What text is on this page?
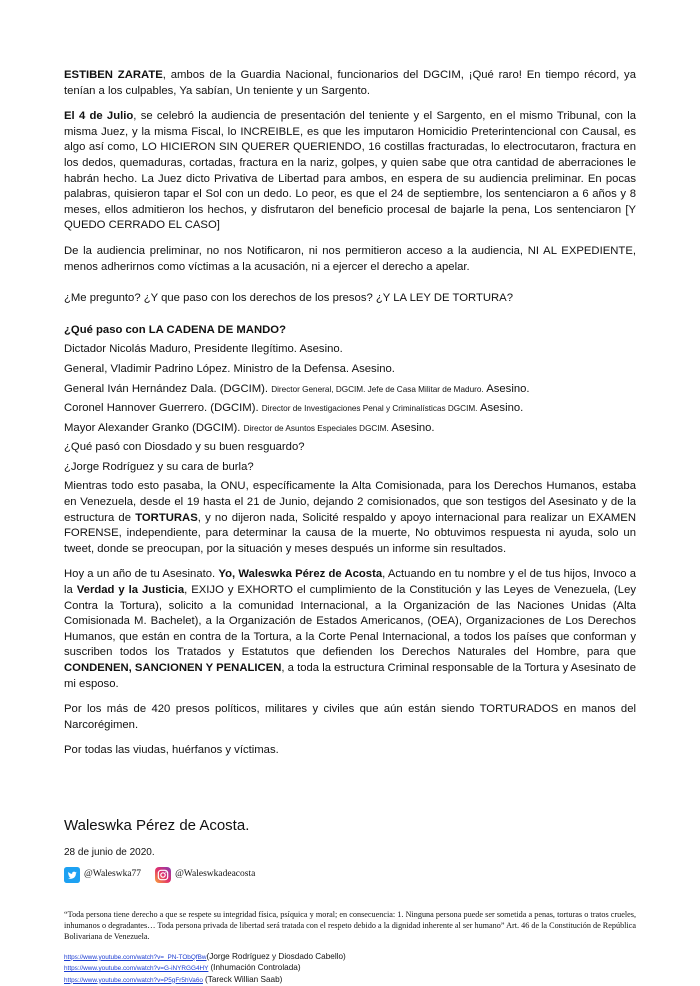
ESTIBEN ZARATE, ambos de la Guardia Nacional, funcionarios del DGCIM, ¡Qué raro! En tiempo récord, ya tenían a los culpables, Ya sabían, Un teniente y un Sargento.

El 4 de Julio, se celebró la audiencia de presentación del teniente y el Sargento, en el mismo Tribunal, con la misma Juez, y la misma Fiscal, lo INCREIBLE, es que les imputaron Homicidio Preterintencional con Causal, es algo así como, LO HICIERON SIN QUERER QUERIENDO, 16 costillas fracturadas, lo electrocutaron, fractura en los dedos, quemaduras, cortadas, fractura en la nariz, golpes, y quien sabe que otra cantidad de aberraciones le habrán hecho. La Juez dicto Privativa de Libertad para ambos, en espera de su audiencia preliminar. En pocas palabras, quisieron tapar el Sol con un dedo. Lo peor, es que el 24 de septiembre, los sentenciaron a 6 años y 8 meses, ellos admitieron los hechos, y disfrutaron del beneficio procesal de bajarle la pena, Los sentenciaron [Y QUEDO CERRADO EL CASO]

De la audiencia preliminar, no nos Notificaron, ni nos permitieron acceso a la audiencia, NI AL EXPEDIENTE, menos adherirnos como víctimas a la acusación, ni a ejercer el derecho a apelar.

¿Me pregunto? ¿Y que paso con los derechos de los presos? ¿Y LA LEY DE TORTURA?

¿Qué paso con LA CADENA DE MANDO?

Dictador Nicolás Maduro, Presidente Ilegítimo. Asesino.

General, Vladimir Padrino López. Ministro de la Defensa. Asesino.

General Iván Hernández Dala. (DGCIM). Director General, DGCIM. Jefe de Casa Militar de Maduro. Asesino.

Coronel Hannover Guerrero. (DGCIM). Director de Investigaciones Penal y Criminalísticas DGCIM. Asesino.

Mayor Alexander Granko (DGCIM). Director de Asuntos Especiales DGCIM. Asesino.

¿Qué pasó con Diosdado y su buen resguardo?

¿Jorge Rodríguez y su cara de burla?

Mientras todo esto pasaba, la ONU, específicamente la Alta Comisionada, para los Derechos Humanos, estaba en Venezuela, desde el 19 hasta el 21 de Junio, dejando 2 comisionados, que son testigos del Asesinato y de la estructura de TORTURAS, y no dijeron nada, Solicité respaldo y apoyo internacional para realizar un EXAMEN FORENSE, independiente, para determinar la causa de la muerte, No obtuvimos respuesta ni ayuda, solo un tweet, donde se preocupan, por la situación y meses después un informe sin resultados.

Hoy a un año de tu Asesinato. Yo, Waleswka Pérez de Acosta, Actuando en tu nombre y el de tus hijos, Invoco a la Verdad y la Justicia, EXIJO y EXHORTO el cumplimiento de la Constitución y las Leyes de Venezuela, (Ley Contra la Tortura), solicito a la comunidad Internacional, a la Organización de las Naciones Unidas (Alta Comisionada M. Bachelet), a la Organización de Estados Americanos, (OEA), Organizaciones de Los Derechos Humanos, que están en contra de la Tortura, a la Corte Penal Internacional, a todos los países que conforman y suscriben todos los Tratados y Estatutos que defienden los Derechos Naturales del Hombre, para que CONDENEN, SANCIONEN Y PENALICEN, a toda la estructura Criminal responsable de la Tortura y Asesinato de mi esposo.

Por los más de 420 presos políticos, militares y civiles que aún están siendo TORTURADOS en manos del Narcorégimen.

Por todas las viudas, huérfanos y víctimas.

Waleswka Pérez de Acosta.
28 de junio de 2020.
@Waleswka77	@Waleswkadeacosta
“Toda persona tiene derecho a que se respete su integridad física, psíquica y moral; en consecuencia: 1. Ninguna persona puede ser sometida a penas, torturas o tratos crueles, inhumanos o degradantes… Toda persona privada de libertad será tratada con el respeto debido a la dignidad inherente al ser humano” Art. 46 de la Constitución de República Bolivariana de Venezuela.
https://www.youtube.com/watch?v=_PN-TObQfBw(Jorge Rodríguez y Diosdado Cabello)
https://www.youtube.com/watch?v=G-iNYRGG4HY (Inhumación Controlada)
https://www.youtube.com/watch?v=P5gFr5hVa6o (Tareck Willian Saab)
